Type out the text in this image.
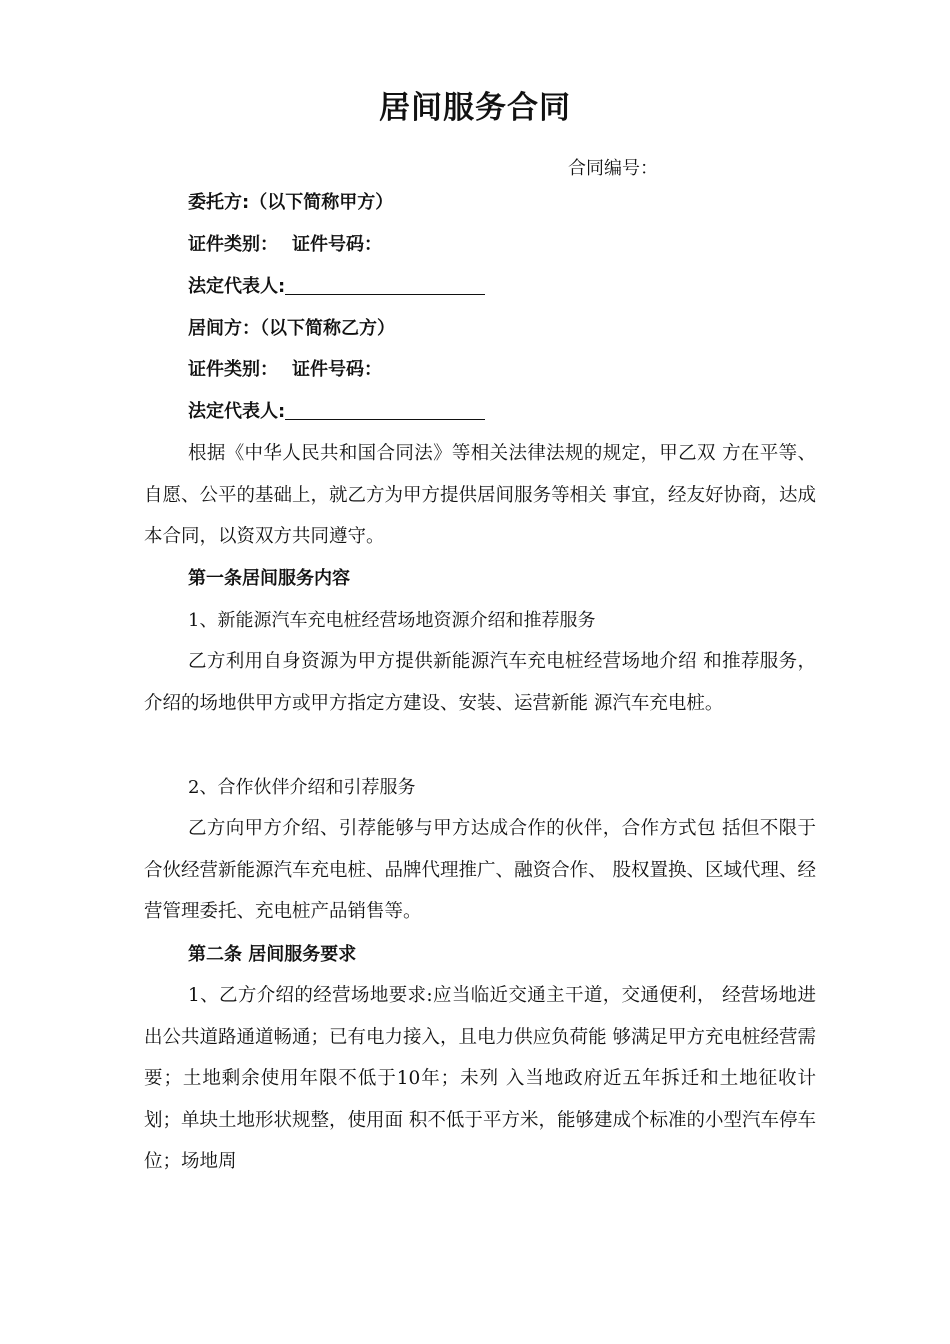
居间服务合同
合同编号：
委托方:（以下简称甲方）
证件类别： 证件号码：
法定代表人:
居间方：（以下简称乙方）
证件类别： 证件号码：
法定代表人:
根据《中华人民共和国合同法》等相关法律法规的规定，甲乙双 方在平等、自愿、公平的基础上，就乙方为甲方提供居间服务等相关 事宜，经友好协商，达成本合同，以资双方共同遵守。
第一条居间服务内容
1、新能源汽车充电桩经营场地资源介绍和推荐服务
乙方利用自身资源为甲方提供新能源汽车充电桩经营场地介绍 和推荐服务，介绍的场地供甲方或甲方指定方建设、安装、运营新能 源汽车充电桩。
2、合作伙伴介绍和引荐服务
乙方向甲方介绍、引荐能够与甲方达成合作的伙伴，合作方式包 括但不限于合伙经营新能源汽车充电桩、品牌代理推广、融资合作、 股权置换、区域代理、经营管理委托、充电桩产品销售等。
第二条 居间服务要求
1、乙方介绍的经营场地要求:应当临近交通主干道，交通便利， 经营场地进出公共道路通道畅通；已有电力接入，且电力供应负荷能 够满足甲方充电桩经营需要；土地剩余使用年限不低于10年；未列 入当地政府近五年拆迁和土地征收计划；单块土地形状规整，使用面 积不低于平方米，能够建成个标准的小型汽车停车位；场地周
